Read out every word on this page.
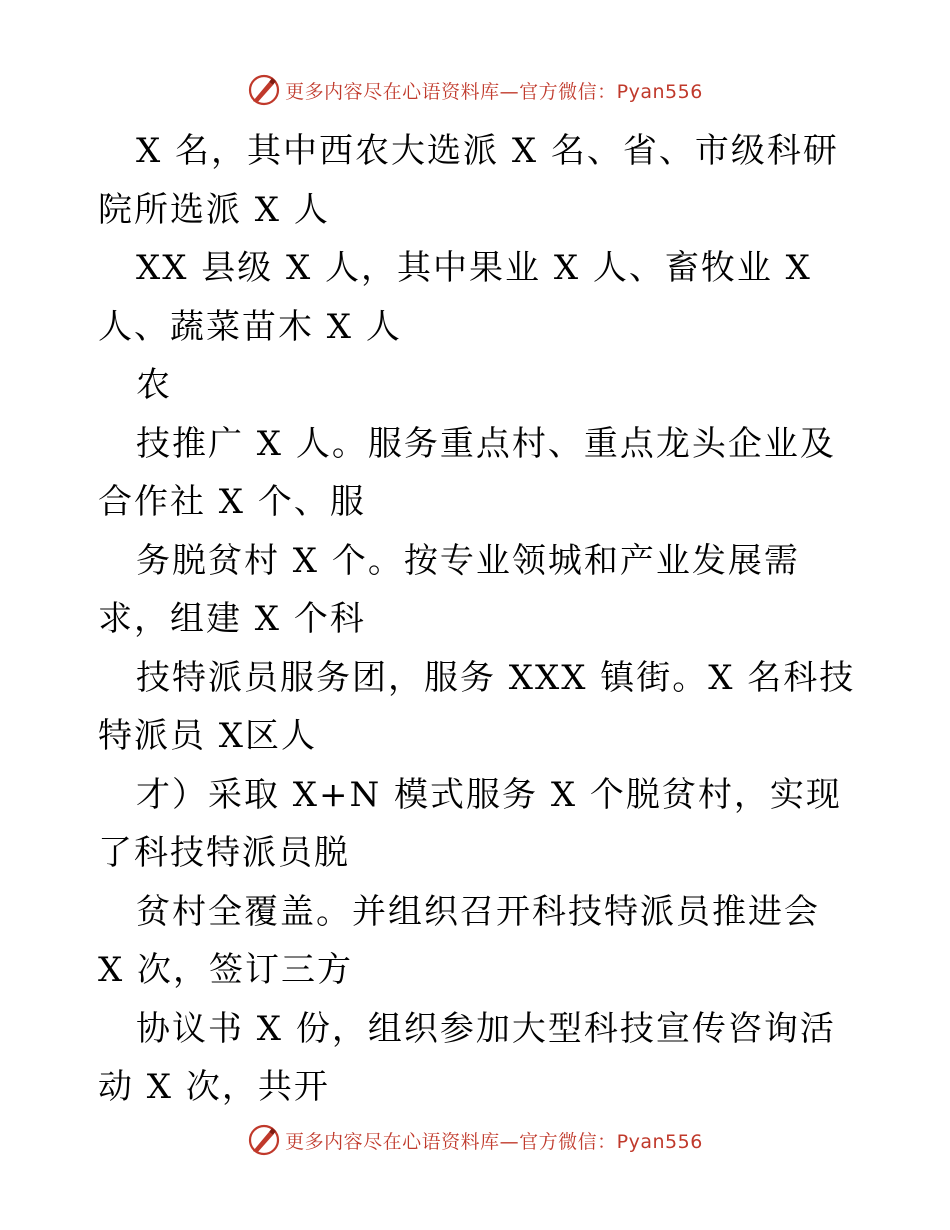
更多内容尽在心语资料库—官方微信：Pyan556

X 名，其中西农大选派 X 名、省、市级科研院所选派 X 人

XX 县级 X 人，其中果业 X 人、畜牧业 X 人、蔬菜苗木 X 人

农

技推广 X 人。服务重点村、重点龙头企业及合作社 X 个、服

务脱贫村 X 个。按专业领城和产业发展需求，组建 X 个科

技特派员服务团，服务 XXX 镇街。X 名科技特派员 X区人

才）采取 X+N 模式服务 X 个脱贫村，实现了科技特派员脱

贫村全覆盖。并组织召开科技特派员推进会 X 次，签订三方

协议书 X 份，组织参加大型科技宣传咨询活动 X 次，共开

更多内容尽在心语资料库—官方微信：Pyan556
